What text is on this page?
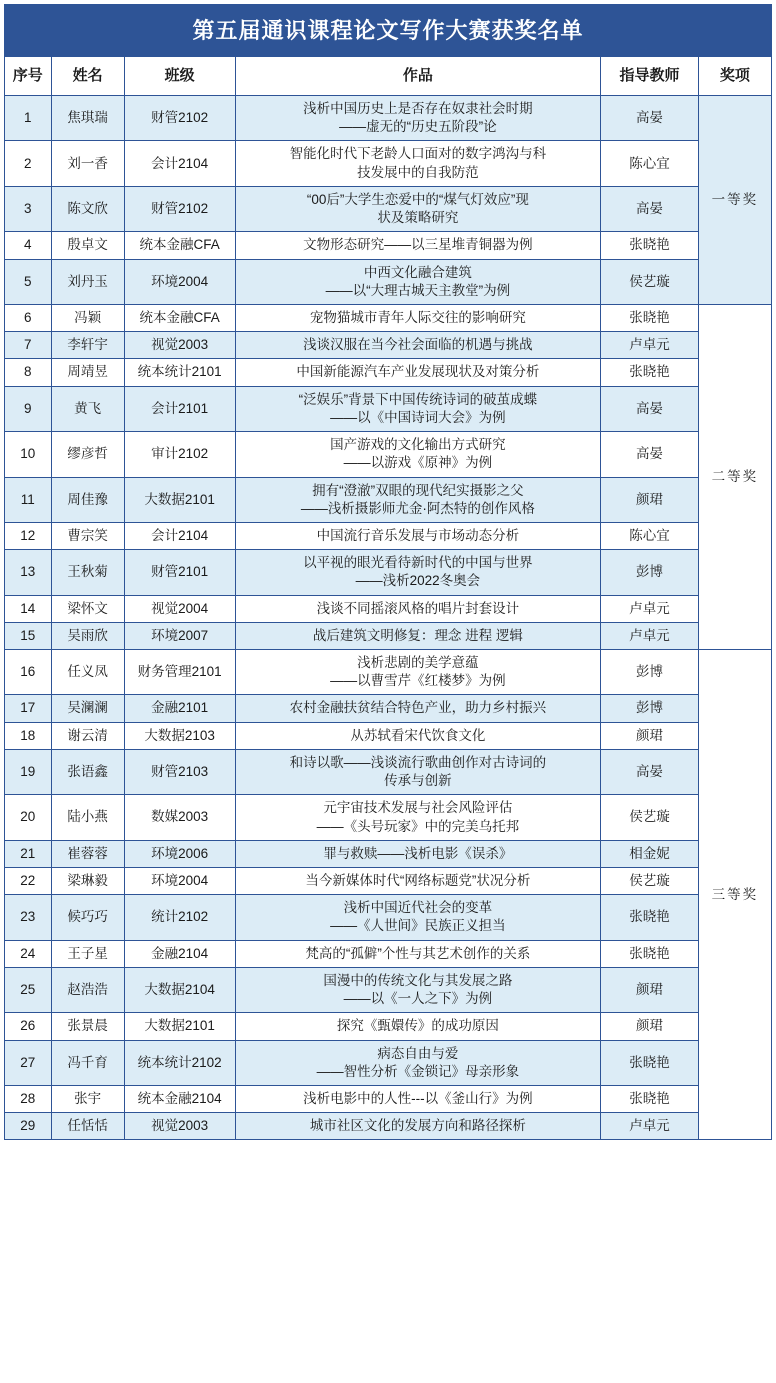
第五届通识课程论文写作大赛获奖名单
序号	姓名	班级	作品	指导教师	奖项
1	焦琪瑞	财管2102	浅析中国历史上是否存在奴隶社会时期
——虚无的“历史五阶段”论	高晏	一等奖
2	刘一香	会计2104	智能化时代下老龄人口面对的数字鸿沟与科
技发展中的自我防范	陈心宜	
3	陈文欣	财管2102	“00后”大学生恋爱中的“煤气灯效应”现
状及策略研究	高晏	
4	殷卓文	统本金融CFA	文物形态研究——以三星堆青铜器为例	张晓艳	
5	刘丹玉	环境2004	中西文化融合建筑
——以“大理古城天主教堂”为例	侯艺璇	
6	冯颖	统本金融CFA	宠物猫城市青年人际交往的影响研究	张晓艳	二等奖
7	李轩宇	视觉2003	浅谈汉服在当今社会面临的机遇与挑战	卢卓元	
8	周靖昱	统本统计2101	中国新能源汽车产业发展现状及对策分析	张晓艳	
9	黄飞	会计2101	“泛娱乐”背景下中国传统诗词的破茧成蝶
——以《中国诗词大会》为例	高晏	
10	缪彦哲	审计2102	国产游戏的文化输出方式研究
——以游戏《原神》为例	高晏	
11	周佳豫	大数据2101	拥有“澄澈”双眼的现代纪实摄影之父
——浅析摄影师尤金·阿杰特的创作风格	颜珺	
12	曹宗笑	会计2104	中国流行音乐发展与市场动态分析	陈心宜	
13	王秋菊	财管2101	以平视的眼光看待新时代的中国与世界
——浅析2022冬奥会	彭博	
14	梁怀文	视觉2004	浅谈不同摇滚风格的唱片封套设计	卢卓元	
15	吴雨欣	环境2007	战后建筑文明修复：理念 进程 逻辑	卢卓元	
16	任义凤	财务管理2101	浅析悲剧的美学意蕴
——以曹雪芹《红楼梦》为例	彭博	三等奖
17	吴澜澜	金融2101	农村金融扶贫结合特色产业，助力乡村振兴	彭博	
18	谢云清	大数据2103	从苏轼看宋代饮食文化	颜珺	
19	张语鑫	财管2103	和诗以歌——浅谈流行歌曲创作对古诗词的
传承与创新	高晏	
20	陆小燕	数媒2003	元宇宙技术发展与社会风险评估
——《头号玩家》中的完美乌托邦	侯艺璇	
21	崔蓉蓉	环境2006	罪与救赎——浅析电影《误杀》	相金妮	
22	梁琳毅	环境2004	当今新媒体时代“网络标题党”状况分析	侯艺璇	
23	候巧巧	统计2102	浅析中国近代社会的变革
——《人世间》民族正义担当	张晓艳	
24	王子星	金融2104	梵高的“孤僻”个性与其艺术创作的关系	张晓艳	
25	赵浩浩	大数据2104	国漫中的传统文化与其发展之路
——以《一人之下》为例	颜珺	
26	张景晨	大数据2101	探究《甄嬛传》的成功原因	颜珺	
27	冯千育	统本统计2102	病态自由与爱
——智性分析《金锁记》母亲形象	张晓艳	
28	张宇	统本金融2104	浅析电影中的人性---以《釜山行》为例	张晓艳	
29	任恬恬	视觉2003	城市社区文化的发展方向和路径探析	卢卓元	
